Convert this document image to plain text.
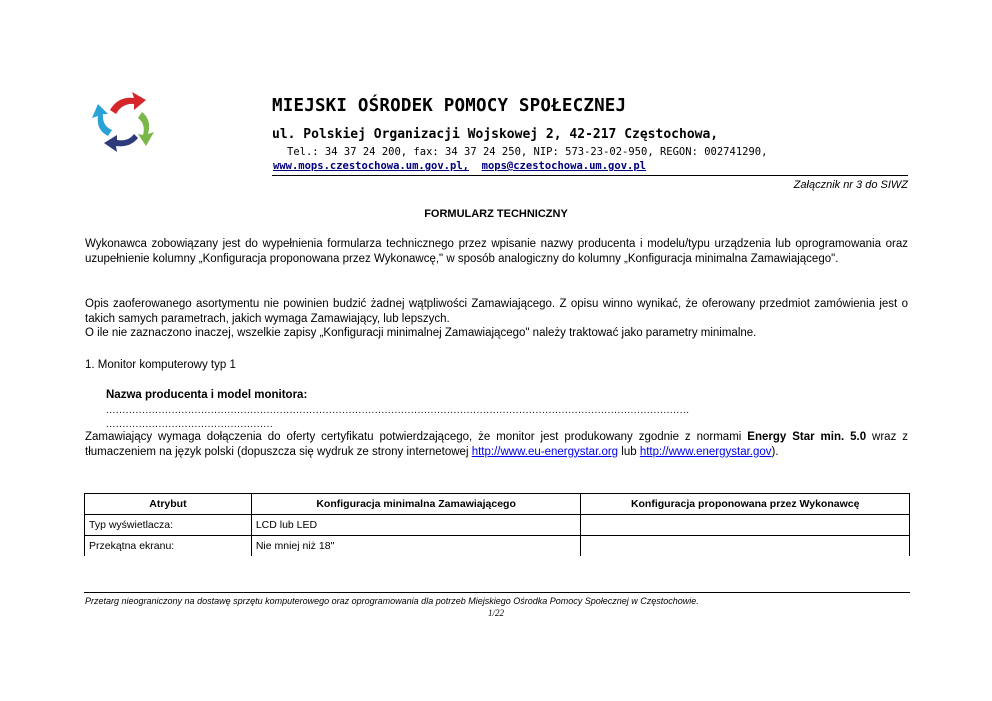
MIEJSKI OŚRODEK POMOCY SPOŁECZNEJ
ul. Polskiej Organizacji Wojskowej 2, 42-217 Częstochowa,
Tel.: 34 37 24 200, fax: 34 37 24 250, NIP: 573-23-02-950, REGON: 002741290,
www.mops.czestochowa.um.gov.pl, mops@czestochowa.um.gov.pl
Załącznik nr 3 do SIWZ
FORMULARZ TECHNICZNY
Wykonawca zobowiązany jest do wypełnienia formularza technicznego przez wpisanie nazwy producenta i modelu/typu urządzenia lub oprogramowania oraz uzupełnienie kolumny „Konfiguracja proponowana przez Wykonawcę," w sposób analogiczny do kolumny „Konfiguracja minimalna Zamawiającego".
Opis zaoferowanego asortymentu nie powinien budzić żadnej wątpliwości Zamawiającego. Z opisu winno wynikać, że oferowany przedmiot zamówienia jest o takich samych parametrach, jakich wymaga Zamawiający, lub lepszych.
O ile nie zaznaczono inaczej, wszelkie zapisy „Konfiguracji minimalnej Zamawiającego" należy traktować jako parametry minimalne.
1. Monitor komputerowy typ 1
Nazwa producenta i model monitora:
..................................................................................................................................................................................
...................................................
Zamawiający wymaga dołączenia do oferty certyfikatu potwierdzającego, że monitor jest produkowany zgodnie z normami Energy Star min. 5.0 wraz z tłumaczeniem na język polski (dopuszcza się wydruk ze strony internetowej http://www.eu-energystar.org lub http://www.energystar.gov).
Atrybut	Konfiguracja minimalna Zamawiającego	Konfiguracja proponowana przez Wykonawcę
Typ wyświetlacza:	LCD lub LED	
Przekątna ekranu:	Nie mniej niż 18''	
Przetarg nieograniczony na dostawę sprzętu komputerowego oraz oprogramowania dla potrzeb Miejskiego Ośrodka Pomocy Społecznej w Częstochowie.
1/22
